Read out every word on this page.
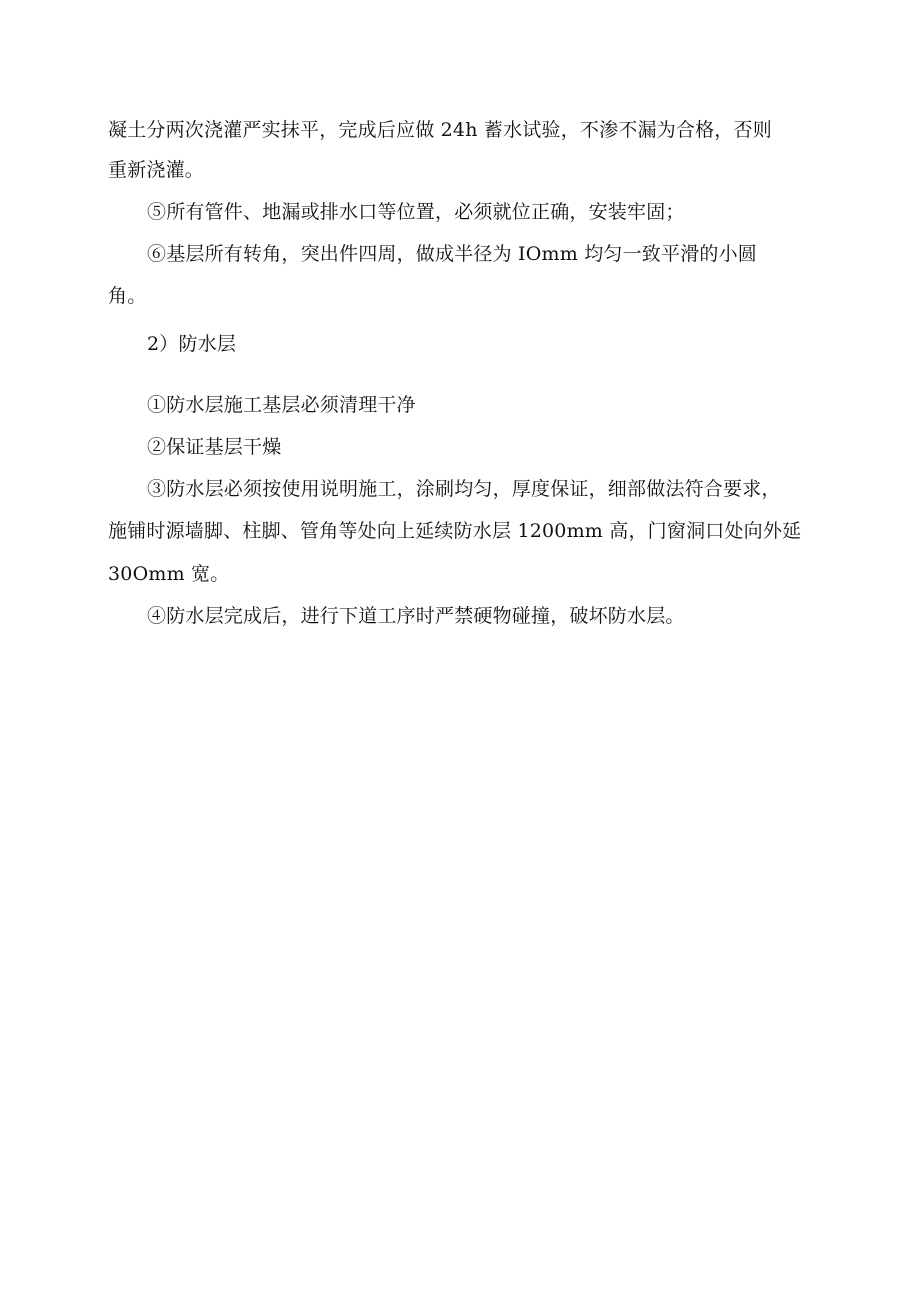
凝土分两次浇灌严实抹平，完成后应做 24h 蓄水试验，不渗不漏为合格，否则
重新浇灌。
⑤所有管件、地漏或排水口等位置，必须就位正确，安装牢固；
⑥基层所有转角，突出件四周，做成半径为 IOmm 均匀一致平滑的小圆
角。
2）防水层
①防水层施工基层必须清理干净
②保证基层干燥
③防水层必须按使用说明施工，涂刷均匀，厚度保证，细部做法符合要求，
施铺时源墙脚、柱脚、管角等处向上延续防水层 1200mm 高，门窗洞口处向外延
30Omm 宽。
④防水层完成后，进行下道工序时严禁硬物碰撞，破坏防水层。
